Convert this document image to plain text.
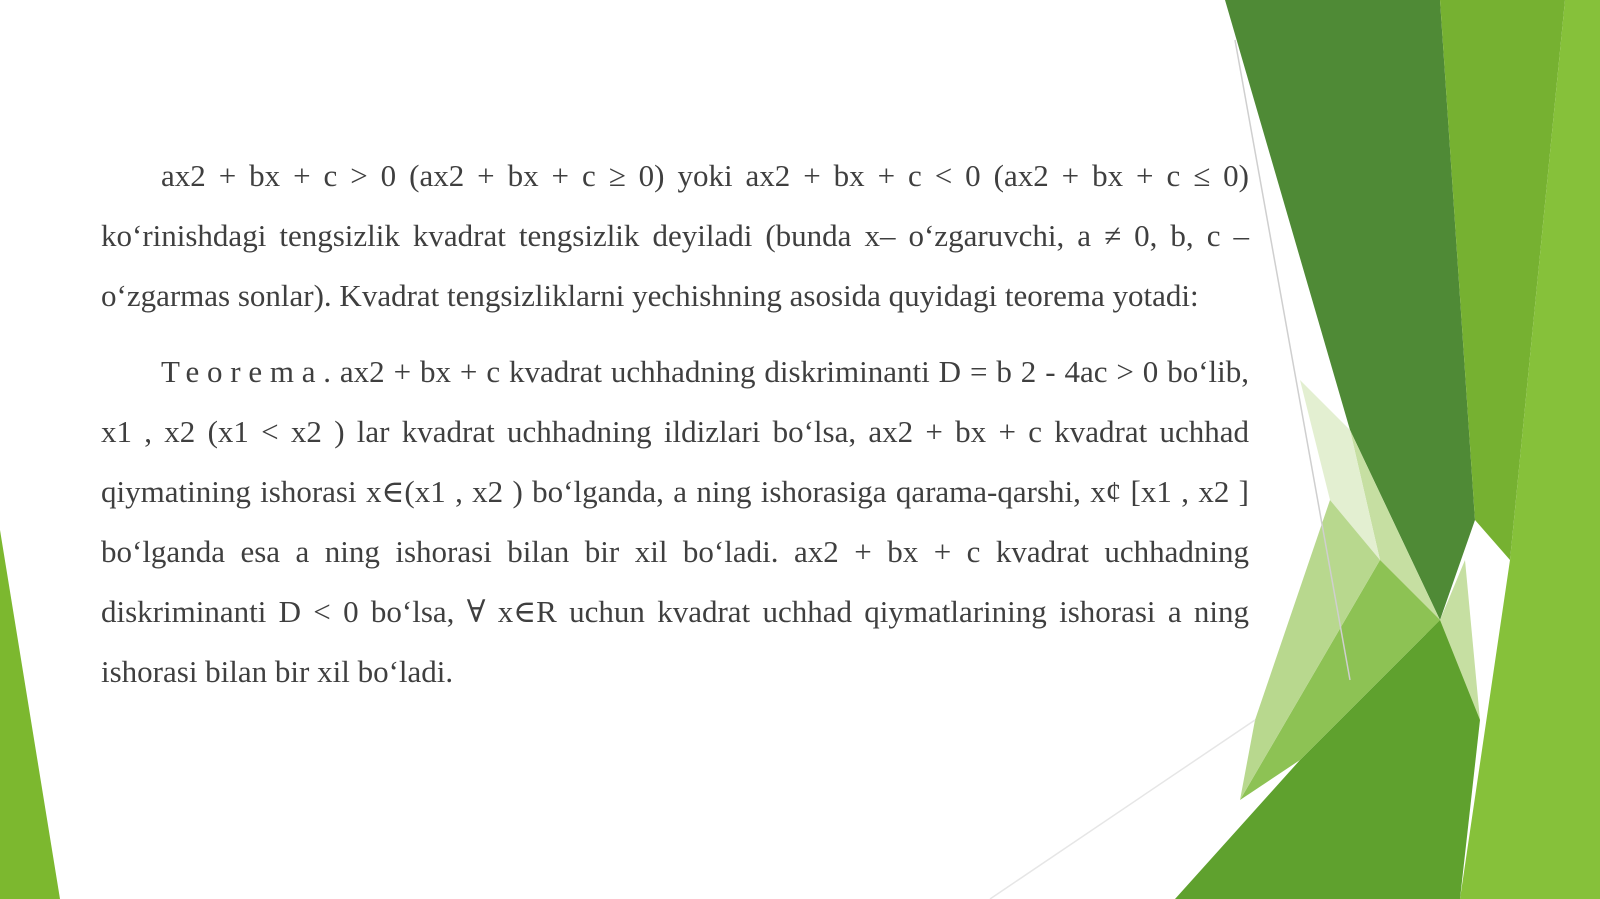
ax2 + bx + c > 0 (ax2 + bx + c ≥ 0) yoki ax2 + bx + c < 0 (ax2 + bx + c ≤ 0) koʻrinishdagi tengsizlik kvadrat tengsizlik deyiladi (bunda x– oʻzgaruvchi, a ≠ 0, b, c – oʻzgarmas sonlar). Kvadrat tengsizliklarni yechishning asosida quyidagi teorema yotadi:

Teorema. ax2 + bx + c kvadrat uchhadning diskriminanti D = b 2 - 4ac > 0 boʻlib, x1 , x2 (x1 < x2 ) lar kvadrat uchhadning ildizlari boʻlsa, ax2 + bx + c kvadrat uchhad qiymatining ishorasi x∈(x1 , x2 ) boʻlganda, a ning ishorasiga qarama-qarshi, x¢ [x1 , x2 ] boʻlganda esa a ning ishorasi bilan bir xil boʻladi. ax2 + bx + c kvadrat uchhadning diskriminanti D < 0 boʻlsa, ∀ x∈R uchun kvadrat uchhad qiymatlarining ishorasi a ning ishorasi bilan bir xil boʻladi.
